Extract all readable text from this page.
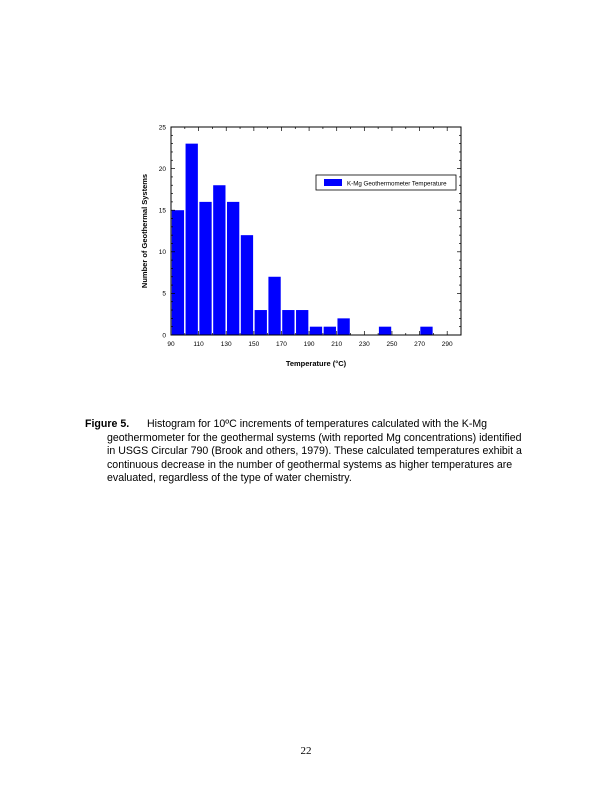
0
5
10
15
20
25
90	110	130	150	170	190	210	230	250	270	290
Number of Geothermal Systems
Temperature (°C)
K-Mg Geothermometer Temperature
Figure 5. Histogram for 10ºC increments of temperatures calculated with the K-Mg
geothermometer for the geothermal systems (with reported Mg concentrations) identified in USGS Circular 790 (Brook and others, 1979). These calculated temperatures exhibit a continuous decrease in the number of geothermal systems as higher temperatures are evaluated, regardless of the type of water chemistry.
22
